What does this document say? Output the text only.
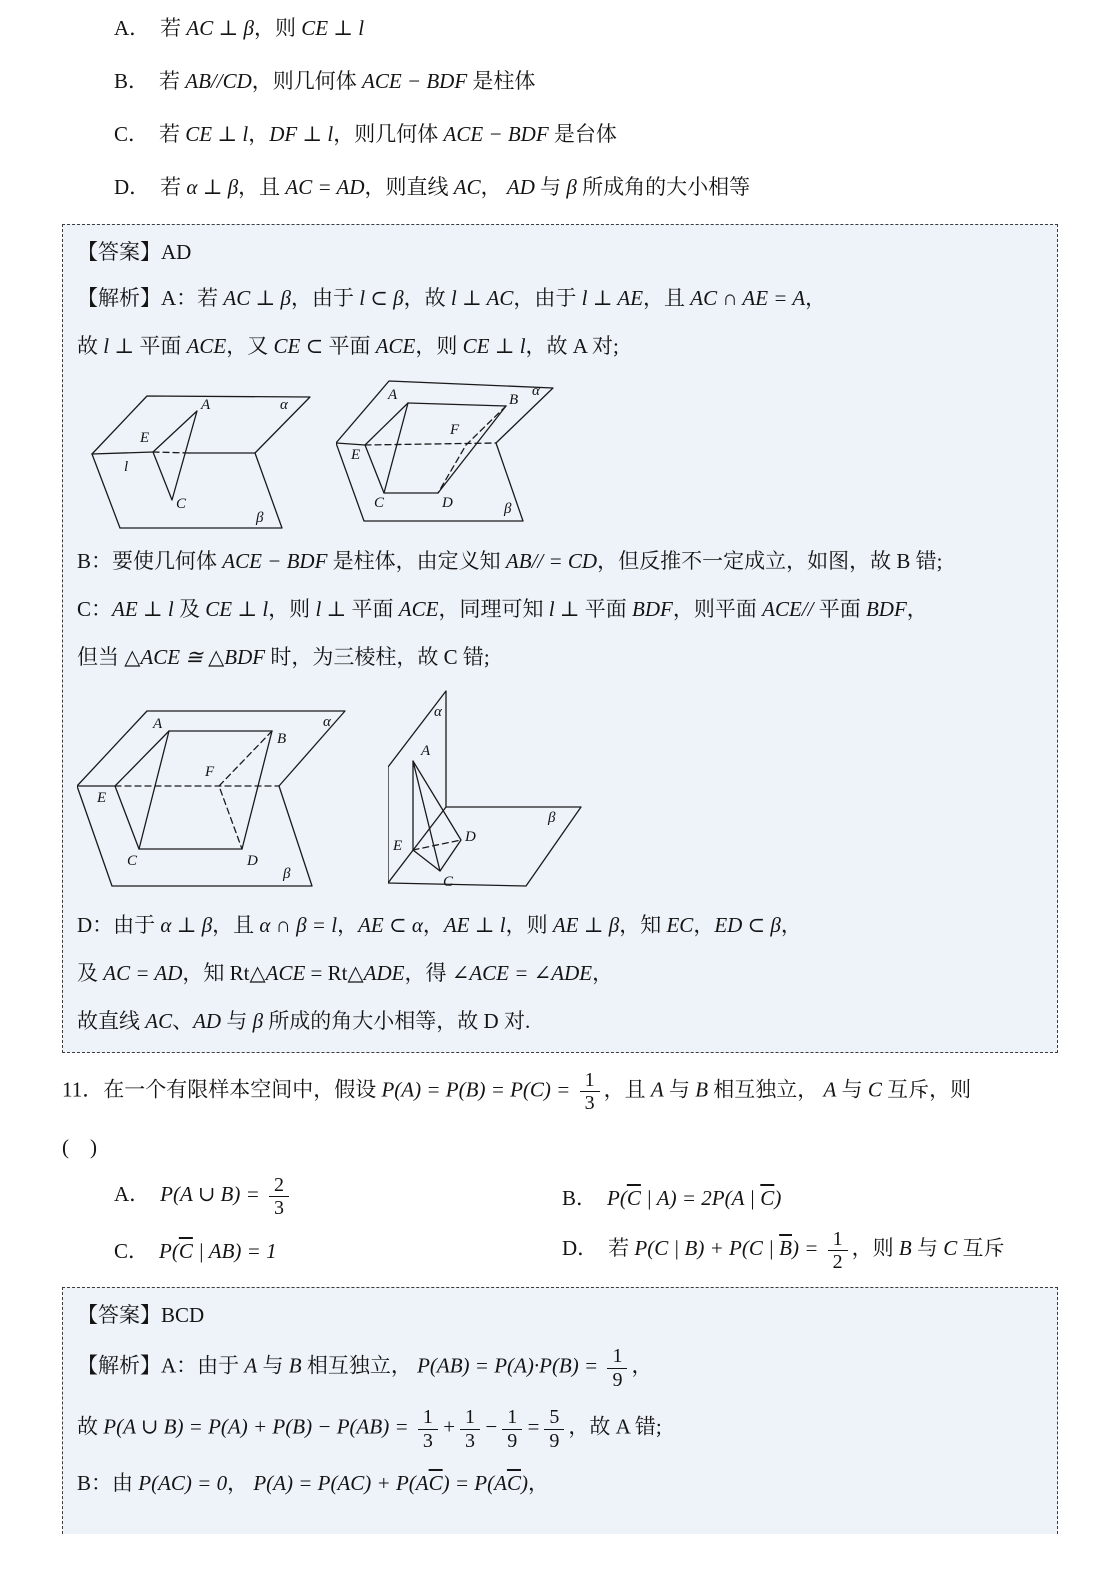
A． 若 AC ⊥ β，则 CE ⊥ l
B． 若 AB//CD，则几何体 ACE − BDF 是柱体
C． 若 CE ⊥ l，DF ⊥ l，则几何体 ACE − BDF 是台体
D． 若 α ⊥ β，且 AC = AD，则直线 AC， AD 与 β 所成角的大小相等
【答案】AD
【解析】A：若 AC ⊥ β，由于 l ⊂ β，故 l ⊥ AC，由于 l ⊥ AE，且 AC ∩ AE = A，
故 l ⊥ 平面 ACE，又 CE ⊂ 平面 ACE，则 CE ⊥ l，故 A 对;
A
E
C
l
α
β
A	B
F
E
C	D
α
β
B：要使几何体 ACE − BDF 是柱体，由定义知 AB// = CD，但反推不一定成立，如图，故 B 错;
C：AE ⊥ l 及 CE ⊥ l，则 l ⊥ 平面 ACE，同理可知 l ⊥ 平面 BDF，则平面 ACE// 平面 BDF，
但当 △ACE ≅ △BDF 时，为三棱柱，故 C 错;
A
B
F
E
C	D
α
β
α
A
β
E
D
C
D：由于 α ⊥ β，且 α ∩ β = l，AE ⊂ α，AE ⊥ l，则 AE ⊥ β，知 EC，ED ⊂ β，
及 AC = AD，知 Rt△ACE = Rt△ADE，得 ∠ACE = ∠ADE，
故直线 AC、AD 与 β 所成的角大小相等，故 D 对.
11．在一个有限样本空间中，假设 $P(A) = P(B) = P(C) = \frac{1}{3}$ ，且 A 与 B 相互独立， A 与 C 互斥，则
(　)
A． P(A ∪ $B) = \frac{2}{3}$	B． $P(\overline{C}$ | A) = 2P(A | $\overline{C}$)
C． $P(\overline{C}$ | AB) = 1	D． 若 P(C | B) + P(C | $\overline{B}) = \frac{1}{2}$ ，则 B 与 C 互斥
【答案】BCD
【解析】A：由于 A 与 B 相互独立， $P(AB) = P(A)\cdot P(B) = \frac{1}{9}$ ，
故 P(A ∪ $B) = P(A) + P(B) - P(AB) = \frac{1}{3} + \frac{1}{3} - \frac{1}{9} = \frac{5}{9}$ ，故 A 错;
B：由 P(AC) = 0， $P(A) = P(AC) + P(A\overline{C}) = P(A\overline{C})$，
